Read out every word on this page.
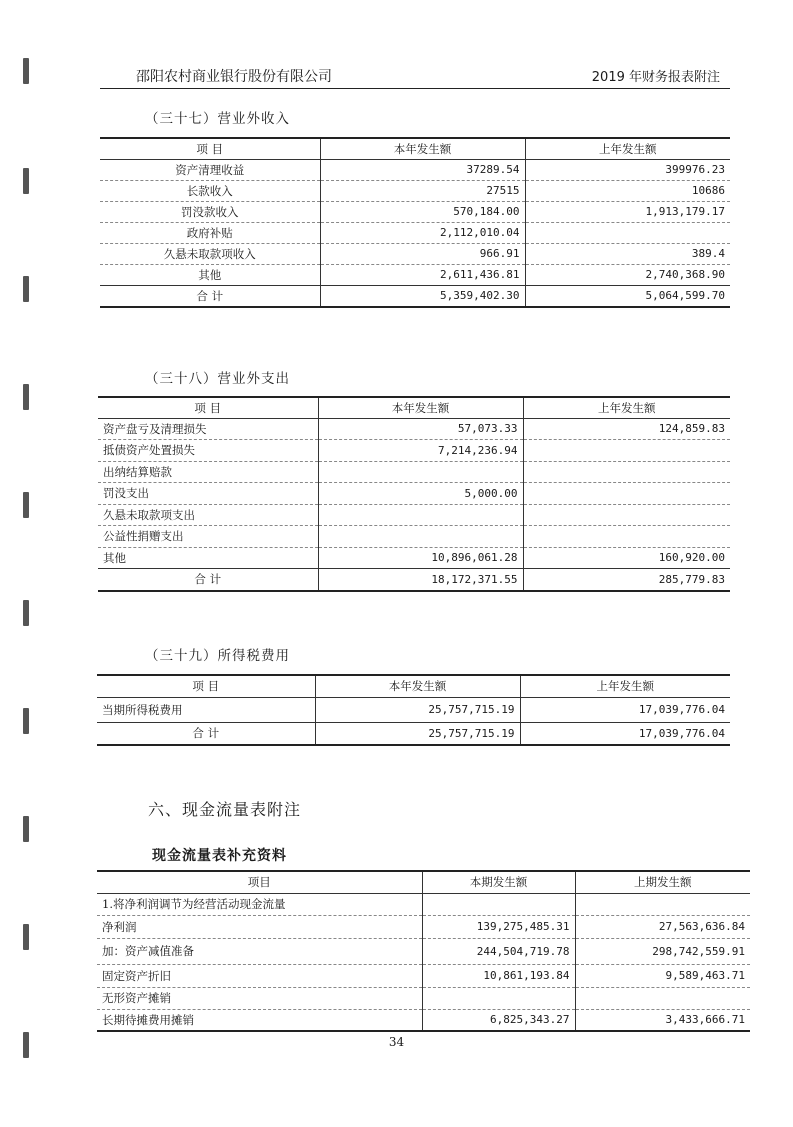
邵阳农村商业银行股份有限公司	2019 年财务报表附注
（三十七）营业外收入
项 目	本年发生额	上年发生额
资产清理收益	37289.54	399976.23
长款收入	27515	10686
罚没款收入	570,184.00	1,913,179.17
政府补贴	2,112,010.04	
久悬未取款项收入	966.91	389.4
其他	2,611,436.81	2,740,368.90
合 计	5,359,402.30	5,064,599.70
（三十八）营业外支出
项 目	本年发生额	上年发生额
资产盘亏及清理损失	57,073.33	124,859.83
抵债资产处置损失	7,214,236.94	
出纳结算赔款		
罚没支出	5,000.00	
久悬未取款项支出		
公益性捐赠支出		
其他	10,896,061.28	160,920.00
合 计	18,172,371.55	285,779.83
（三十九）所得税费用
项 目	本年发生额	上年发生额
当期所得税费用	25,757,715.19	17,039,776.04
合 计	25,757,715.19	17,039,776.04
六、现金流量表附注
现金流量表补充资料
项目	本期发生额	上期发生额
1.将净利润调节为经营活动现金流量		
净利润	139,275,485.31	27,563,636.84
加：资产减值准备	244,504,719.78	298,742,559.91
固定资产折旧	10,861,193.84	9,589,463.71
无形资产摊销		
长期待摊费用摊销	6,825,343.27	3,433,666.71
34
